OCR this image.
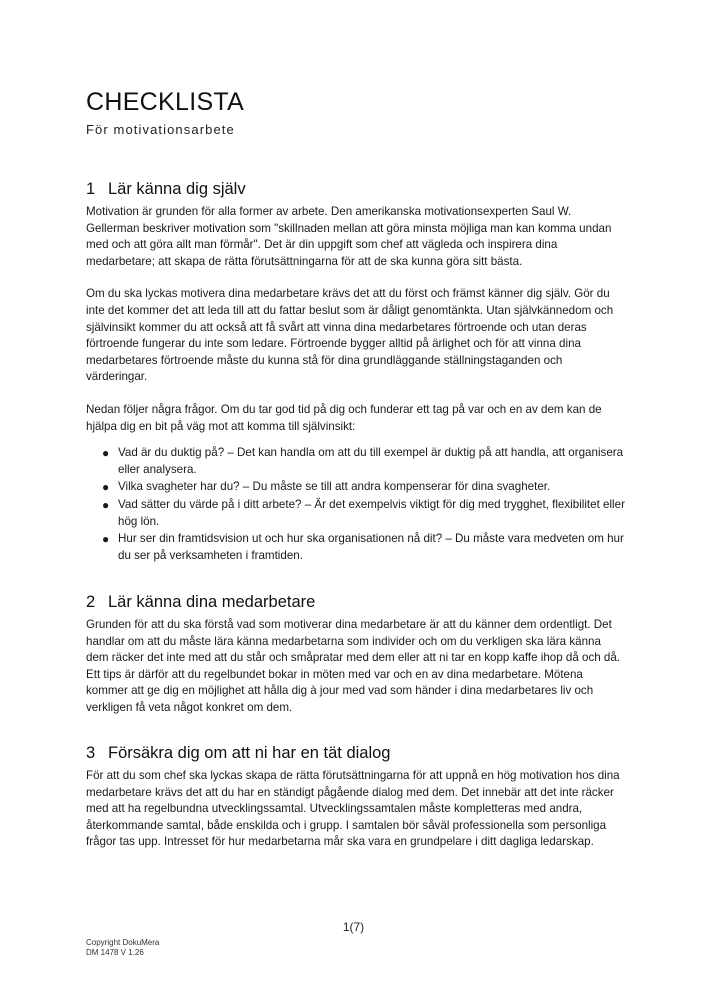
CHECKLISTA
För motivationsarbete
1 Lär känna dig själv

Motivation är grunden för alla former av arbete. Den amerikanska motivationsexperten Saul W. Gellerman beskriver motivation som "skillnaden mellan att göra minsta möjliga man kan komma undan med och att göra allt man förmår". Det är din uppgift som chef att vägleda och inspirera dina medarbetare; att skapa de rätta förutsättningarna för att de ska kunna göra sitt bästa.

Om du ska lyckas motivera dina medarbetare krävs det att du först och främst känner dig själv. Gör du inte det kommer det att leda till att du fattar beslut som är dåligt genomtänkta. Utan självkännedom och självinsikt kommer du att också att få svårt att vinna dina medarbetares förtroende och utan deras förtroende fungerar du inte som ledare. Förtroende bygger alltid på ärlighet och för att vinna dina medarbetares förtroende måste du kunna stå för dina grundläggande ställningstaganden och värderingar.

Nedan följer några frågor. Om du tar god tid på dig och funderar ett tag på var och en av dem kan de hjälpa dig en bit på väg mot att komma till självinsikt:

● Vad är du duktig på? – Det kan handla om att du till exempel är duktig på att handla, att organisera eller analysera.
● Vilka svagheter har du? – Du måste se till att andra kompenserar för dina svagheter.
● Vad sätter du värde på i ditt arbete? – Är det exempelvis viktigt för dig med trygghet, flexibilitet eller hög lön.
● Hur ser din framtidsvision ut och hur ska organisationen nå dit? – Du måste vara medveten om hur du ser på verksamheten i framtiden.
2 Lär känna dina medarbetare

Grunden för att du ska förstå vad som motiverar dina medarbetare är att du känner dem ordentligt. Det handlar om att du måste lära känna medarbetarna som individer och om du verkligen ska lära känna dem räcker det inte med att du står och småpratar med dem eller att ni tar en kopp kaffe ihop då och då. Ett tips är därför att du regelbundet bokar in möten med var och en av dina medarbetare. Mötena kommer att ge dig en möjlighet att hålla dig à jour med vad som händer i dina medarbetares liv och verkligen få veta något konkret om dem.

3 Försäkra dig om att ni har en tät dialog

För att du som chef ska lyckas skapa de rätta förutsättningarna för att uppnå en hög motivation hos dina medarbetare krävs det att du har en ständigt pågående dialog med dem. Det innebär att det inte räcker med att ha regelbundna utvecklingssamtal. Utvecklingssamtalen måste kompletteras med andra, återkommande samtal, både enskilda och i grupp. I samtalen bör såväl professionella som personliga frågor tas upp. Intresset för hur medarbetarna mår ska vara en grundpelare i ditt dagliga ledarskap.

1(7)
Copyright DokuMera
DM 1478 V 1.26
